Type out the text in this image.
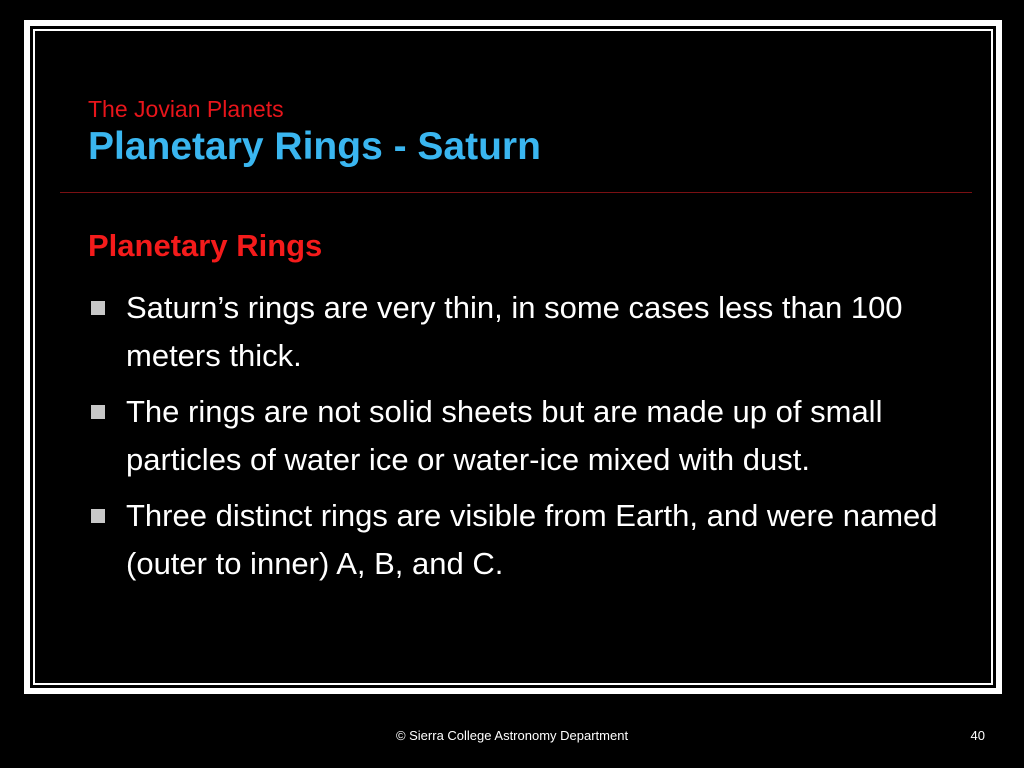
The Jovian Planets
Planetary Rings - Saturn
Planetary Rings
Saturn’s rings are very thin, in some cases less than 100 meters thick.
The rings are not solid sheets but are made up of small particles of water ice or water-ice mixed with dust.
Three distinct rings are visible from Earth, and were named (outer to inner) A, B, and C.
© Sierra College Astronomy Department	40
